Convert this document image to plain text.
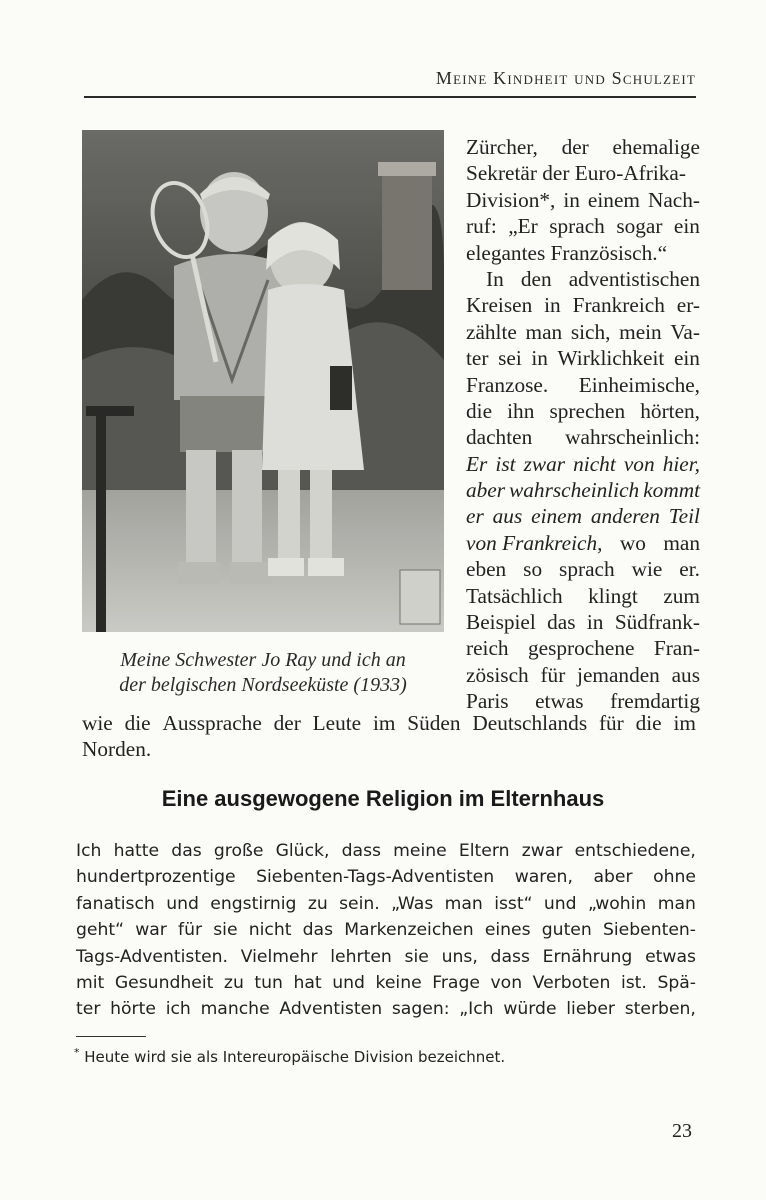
Meine Kindheit und Schulzeit
Meine Schwester Jo Ray und ich an
der belgischen Nordseeküste (1933)
Zürcher, der ehemalige
Sekretär der Euro-Afrika-
Division*, in einem Nach-
ruf: „Er sprach sogar ein
elegantes Französisch.“
In den adventistischen
Kreisen in Frankreich er-
zählte man sich, mein Va-
ter sei in Wirklichkeit ein
Franzose. Einheimische,
die ihn sprechen hörten,
dachten wahrscheinlich:
Er ist zwar nicht von hier,
aber wahrscheinlich kommt
er aus einem anderen Teil
von Frankreich, wo man
eben so sprach wie er.
Tatsächlich klingt zum
Beispiel das in Südfrank-
reich gesprochene Fran-
zösisch für jemanden aus
Paris etwas fremdartig
wie die Aussprache der Leute im Süden Deutschlands für die im
Norden.
Eine ausgewogene Religion im Elternhaus
Ich hatte das große Glück, dass meine Eltern zwar entschiedene,
hundertprozentige Siebenten-Tags-Adventisten waren, aber ohne
fanatisch und engstirnig zu sein. „Was man isst“ und „wohin man
geht“ war für sie nicht das Markenzeichen eines guten Siebenten-
Tags-Adventisten. Vielmehr lehrten sie uns, dass Ernährung etwas
mit Gesundheit zu tun hat und keine Frage von Verboten ist. Spä-
ter hörte ich manche Adventisten sagen: „Ich würde lieber sterben,
* Heute wird sie als Intereuropäische Division bezeichnet.
23
